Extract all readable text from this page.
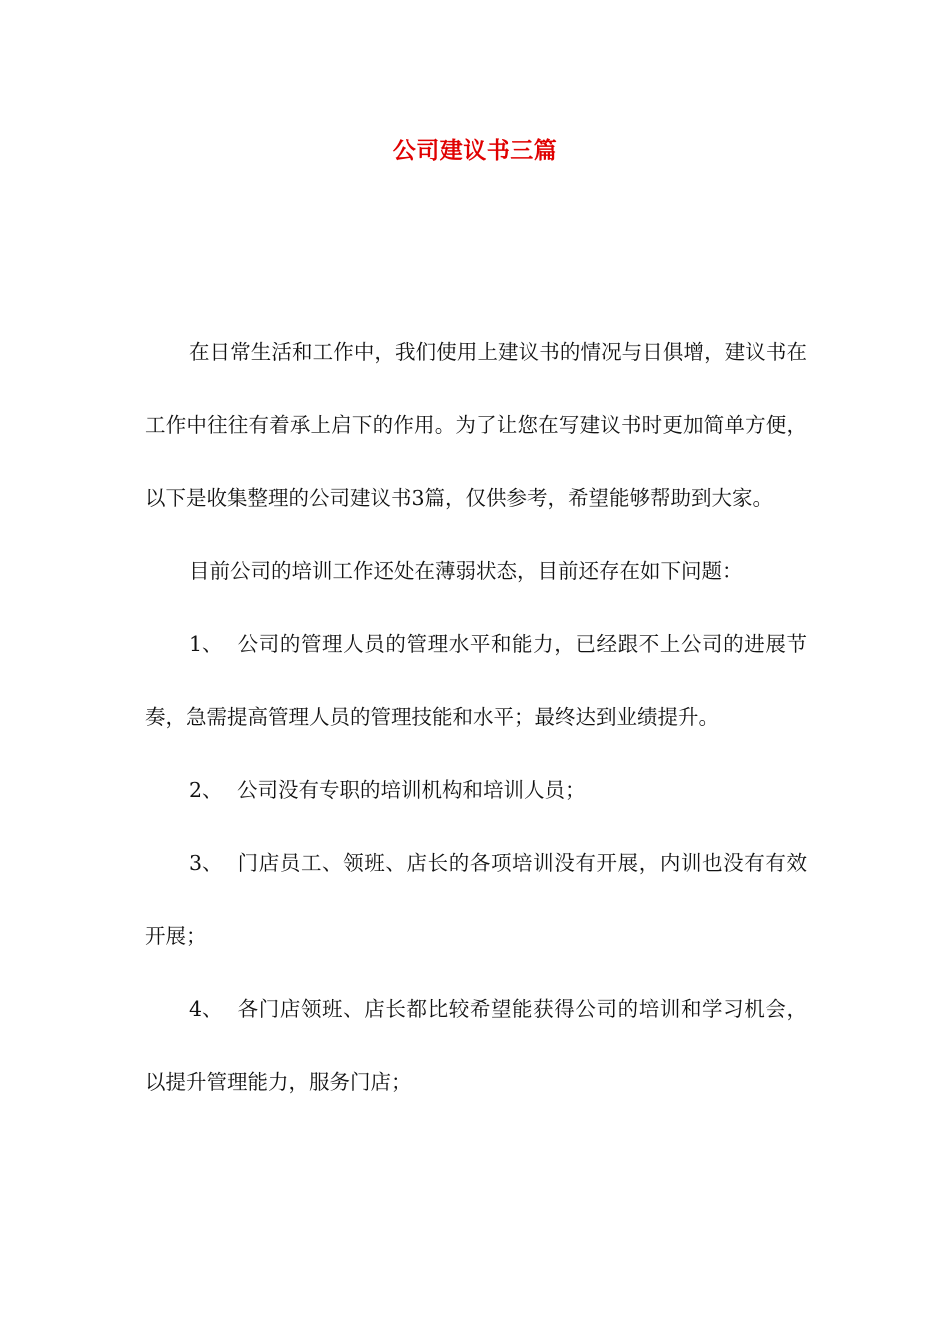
公司建议书三篇

在日常生活和工作中，我们使用上建议书的情况与日俱增，建议书在工作中往往有着承上启下的作用。为了让您在写建议书时更加简单方便，以下是收集整理的公司建议书3篇，仅供参考，希望能够帮助到大家。

目前公司的培训工作还处在薄弱状态，目前还存在如下问题：

1、 公司的管理人员的管理水平和能力，已经跟不上公司的进展节奏，急需提高管理人员的管理技能和水平；最终达到业绩提升。

2、 公司没有专职的培训机构和培训人员；

3、 门店员工、领班、店长的各项培训没有开展，内训也没有有效开展；

4、 各门店领班、店长都比较希望能获得公司的培训和学习机会，以提升管理能力，服务门店；
